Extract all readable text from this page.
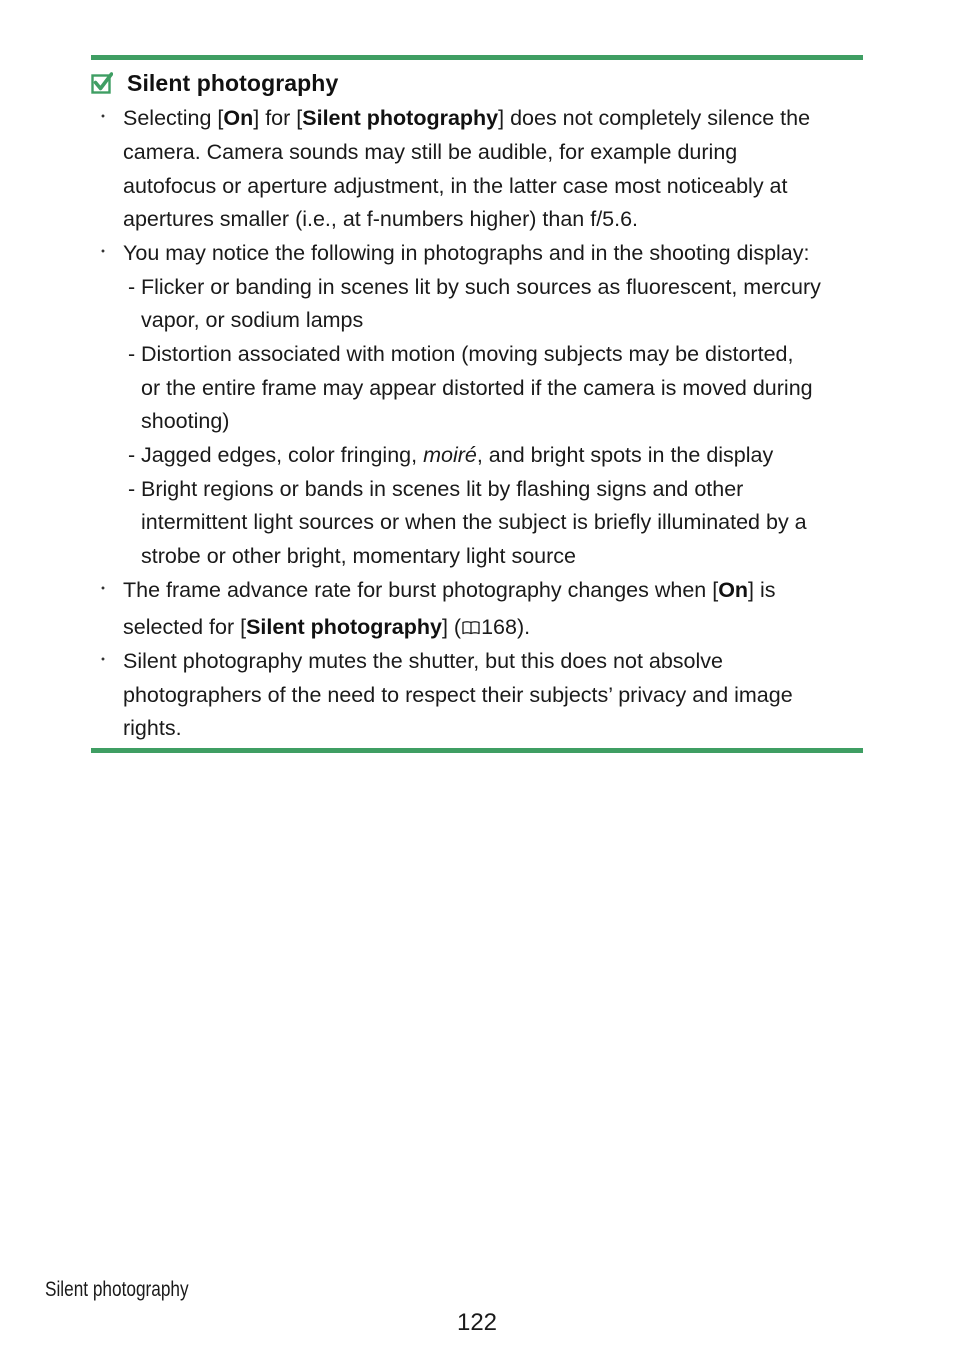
Silent photography
・ Selecting [On] for [Silent photography] does not completely silence the
camera. Camera sounds may still be audible, for example during
autofocus or aperture adjustment, in the latter case most noticeably at
apertures smaller (i.e., at f-numbers higher) than f/5.6.
・ You may notice the following in photographs and in the shooting display:
- Flicker or banding in scenes lit by such sources as fluorescent, mercury
vapor, or sodium lamps
- Distortion associated with motion (moving subjects may be distorted,
or the entire frame may appear distorted if the camera is moved during
shooting)
- Jagged edges, color fringing, moiré, and bright spots in the display
- Bright regions or bands in scenes lit by flashing signs and other
intermittent light sources or when the subject is briefly illuminated by a
strobe or other bright, momentary light source
・ The frame advance rate for burst photography changes when [On] is
selected for [Silent photography] ( 168).
・ Silent photography mutes the shutter, but this does not absolve
photographers of the need to respect their subjects’ privacy and image
rights.
Silent photography
122
